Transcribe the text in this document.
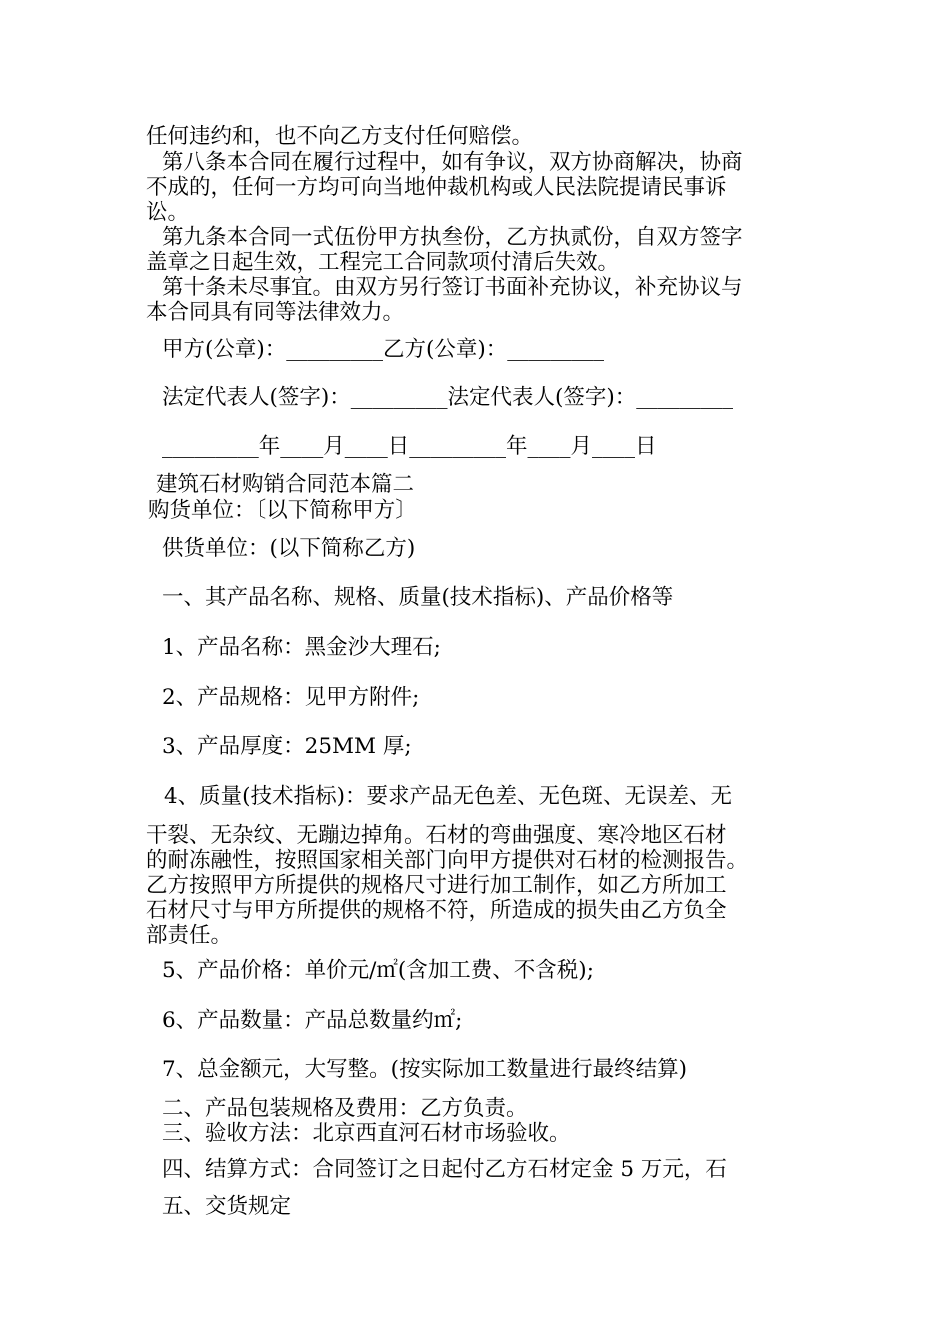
任何违约和，也不向乙方支付任何赔偿。

第八条本合同在履行过程中，如有争议，双方协商解决，协商

不成的，任何一方均可向当地仲裁机构或人民法院提请民事诉

讼。

第九条本合同一式伍份甲方执叁份，乙方执贰份，自双方签字

盖章之日起生效，工程完工合同款项付清后失效。

第十条未尽事宜。由双方另行签订书面补充协议，补充协议与

本合同具有同等法律效力。

甲方(公章)：_________乙方(公章)：_________

法定代表人(签字)：_________法定代表人(签字)：_________

_________年____月____日_________年____月____日

建筑石材购销合同范本篇二

购货单位：〔以下简称甲方〕

供货单位：(以下简称乙方)

一、其产品名称、规格、质量(技术指标)、产品价格等

1、产品名称：黑金沙大理石;

2、产品规格：见甲方附件;

3、产品厚度：25MM 厚;

4、质量(技术指标)：要求产品无色差、无色斑、无误差、无

干裂、无杂纹、无蹦边掉角。石材的弯曲强度、寒冷地区石材

的耐冻融性，按照国家相关部门向甲方提供对石材的检测报告。

乙方按照甲方所提供的规格尺寸进行加工制作，如乙方所加工

石材尺寸与甲方所提供的规格不符，所造成的损失由乙方负全

部责任。

5、产品价格：单价元/㎡(含加工费、不含税);

6、产品数量：产品总数量约㎡;

7、总金额元，大写整。(按实际加工数量进行最终结算)

二、产品包装规格及费用：乙方负责。

三、验收方法：北京西直河石材市场验收。

四、结算方式：合同签订之日起付乙方石材定金 5 万元，石

五、交货规定
